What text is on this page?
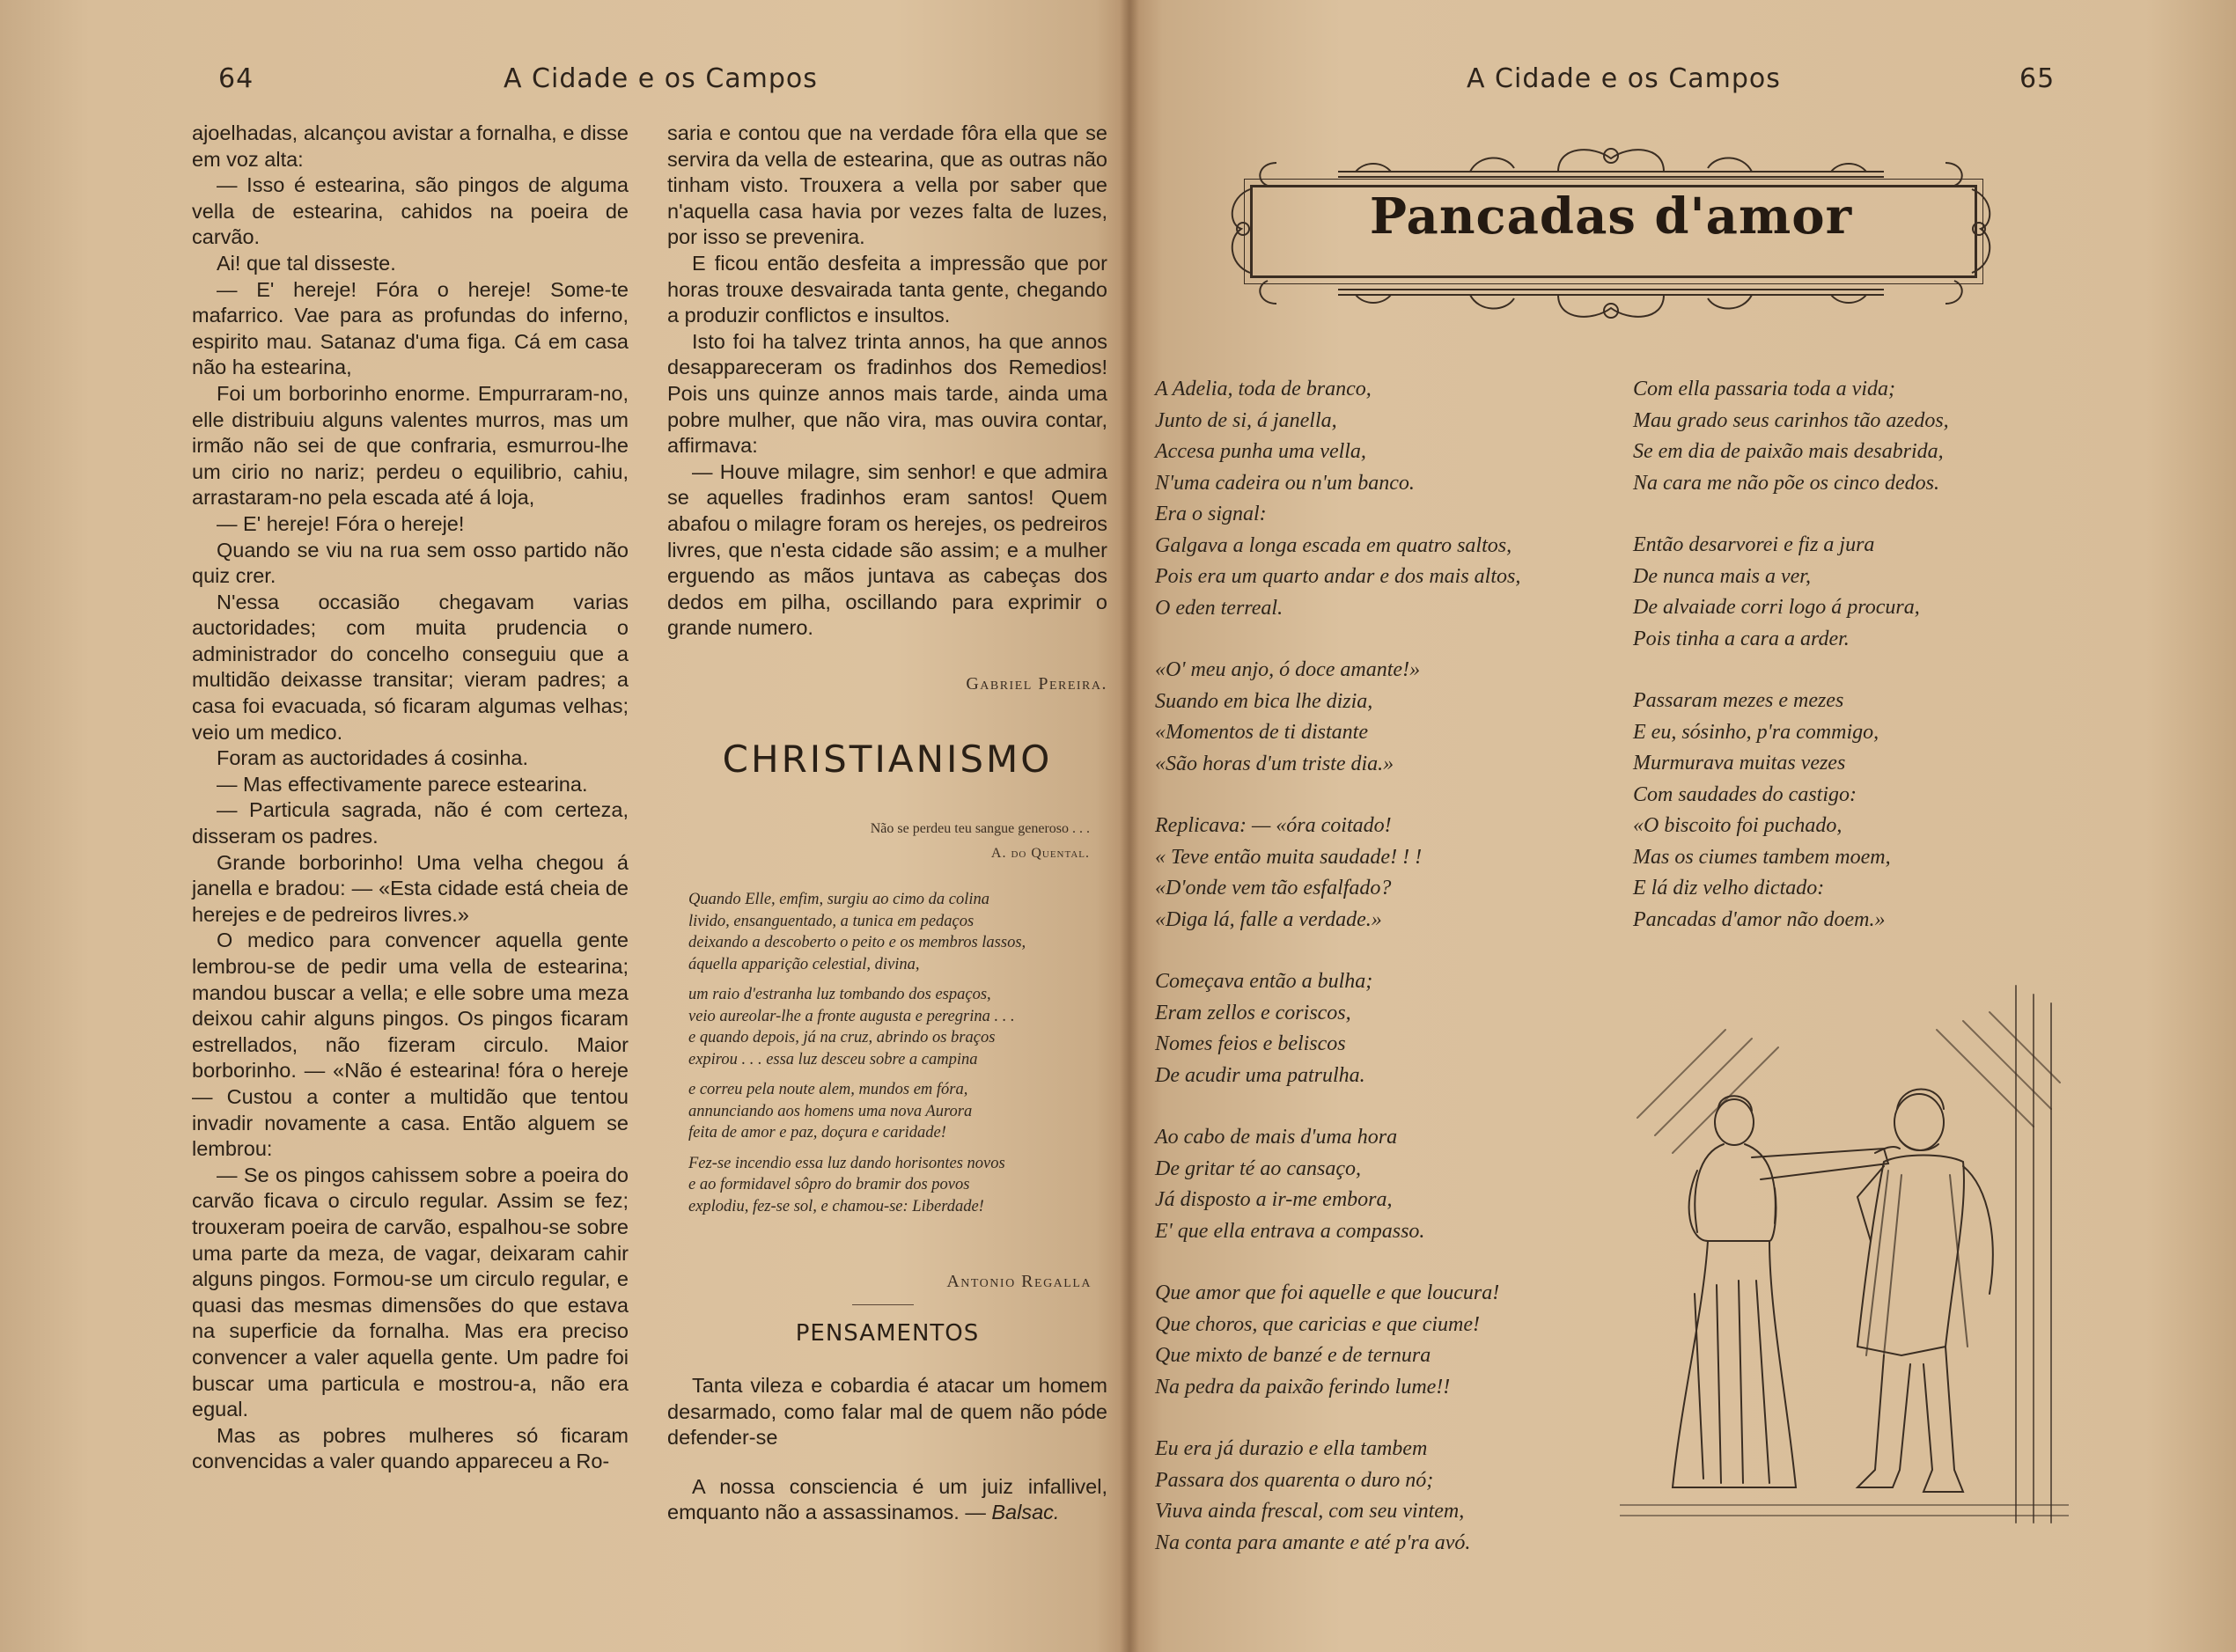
64	A Cidade e os Campos

ajoelhadas, alcançou avistar a fornalha, e disse em voz alta:

— Isso é estearina, são pingos de alguma vella de estearina, cahidos na poeira de carvão.

Ai! que tal disseste.

— E' hereje! Fóra o hereje! Some-te mafarrico. Vae para as profundas do inferno, espirito mau. Satanaz d'uma figa. Cá em casa não ha estearina,

Foi um borborinho enorme. Empurraram-no, elle distribuiu alguns valentes murros, mas um irmão não sei de que confraria, esmurrou-lhe um cirio no nariz; perdeu o equilibrio, cahiu, arrastaram-no pela escada até á loja,

— E' hereje! Fóra o hereje!

Quando se viu na rua sem osso partido não quiz crer.

N'essa occasião chegavam varias auctoridades; com muita prudencia o administrador do concelho conseguiu que a multidão deixasse transitar; vieram padres; a casa foi evacuada, só ficaram algumas velhas; veio um medico.

Foram as auctoridades á cosinha.

— Mas effectivamente parece estearina.

— Particula sagrada, não é com certeza, disseram os padres.

Grande borborinho! Uma velha chegou á janella e bradou: — «Esta cidade está cheia de herejes e de pedreiros livres.»

O medico para convencer aquella gente lembrou-se de pedir uma vella de estearina; mandou buscar a vella; e elle sobre uma meza deixou cahir alguns pingos. Os pingos ficaram estrellados, não fizeram circulo. Maior borborinho. — «Não é estearina! fóra o hereje — Custou a conter a multidão que tentou invadir novamente a casa. Então alguem se lembrou:

— Se os pingos cahissem sobre a poeira do carvão ficava o circulo regular. Assim se fez; trouxeram poeira de carvão, espalhou-se sobre uma parte da meza, de vagar, deixaram cahir alguns pingos. Formou-se um circulo regular, e quasi das mesmas dimensões do que estava na superficie da fornalha. Mas era preciso convencer a valer aquella gente. Um padre foi buscar uma particula e mostrou-a, não era egual.

Mas as pobres mulheres só ficaram convencidas a valer quando appareceu a Ro-

saria e contou que na verdade fôra ella que se servira da vella de estearina, que as outras não tinham visto. Trouxera a vella por saber que n'aquella casa havia por vezes falta de luzes, por isso se prevenira.

E ficou então desfeita a impressão que por horas trouxe desvairada tanta gente, chegando a produzir conflictos e insultos.

Isto foi ha talvez trinta annos, ha que annos desappareceram os fradinhos dos Remedios! Pois uns quinze annos mais tarde, ainda uma pobre mulher, que não vira, mas ouvira contar, affirmava:

— Houve milagre, sim senhor! e que admira se aquelles fradinhos eram santos! Quem abafou o milagre foram os herejes, os pedreiros livres, que n'esta cidade são assim; e a mulher erguendo as mãos juntava as cabeças dos dedos em pilha, oscillando para exprimir o grande numero.

Gabriel Pereira.

CHRISTIANISMO
Não se perdeu teu sangue generoso . . .
A. do Quental.
Quando Elle, emfim, surgiu ao cimo da colina
livido, ensanguentado, a tunica em pedaços
deixando a descoberto o peito e os membros lassos,
áquella apparição celestial, divina,
um raio d'estranha luz tombando dos espaços,
veio aureolar-lhe a fronte augusta e peregrina . . .
e quando depois, já na cruz, abrindo os braços
expirou . . . essa luz desceu sobre a campina
e correu pela noute alem, mundos em fóra,
annunciando aos homens uma nova Aurora
feita de amor e paz, doçura e caridade!
Fez-se incendio essa luz dando horisontes novos
e ao formidavel sôpro do bramir dos povos
explodiu, fez-se sol, e chamou-se: Liberdade!
Antonio Regalla
PENSAMENTOS

Tanta vileza e cobardia é atacar um homem desarmado, como falar mal de quem não póde defender-se

A nossa consciencia é um juiz infallivel, emquanto não a assassinamos. — Balsac.

A Cidade e os Campos	65
Pancadas d'amor
A Adelia, toda de branco,
Junto de si, á janella,
Accesa punha uma vella,
N'uma cadeira ou n'um banco.
Era o signal:
Galgava a longa escada em quatro saltos,
Pois era um quarto andar e dos mais altos,
O eden terreal.
«O' meu anjo, ó doce amante!»
Suando em bica lhe dizia,
«Momentos de ti distante
«São horas d'um triste dia.»
Replicava: — «óra coitado!
« Teve então muita saudade! ! !
«D'onde vem tão esfalfado?
«Diga lá, falle a verdade.»
Começava então a bulha;
Eram zellos e coriscos,
Nomes feios e beliscos
De acudir uma patrulha.
Ao cabo de mais d'uma hora
De gritar té ao cansaço,
Já disposto a ir-me embora,
E' que ella entrava a compasso.
Que amor que foi aquelle e que loucura!
Que choros, que caricias e que ciume!
Que mixto de banzé e de ternura
Na pedra da paixão ferindo lume!!
Eu era já durazio e ella tambem
Passara dos quarenta o duro nó;
Viuva ainda frescal, com seu vintem,
Na conta para amante e até p'ra avó.
Com ella passaria toda a vida;
Mau grado seus carinhos tão azedos,
Se em dia de paixão mais desabrida,
Na cara me não põe os cinco dedos.
Então desarvorei e fiz a jura
De nunca mais a ver,
De alvaiade corri logo á procura,
Pois tinha a cara a arder.
Passaram mezes e mezes
E eu, sósinho, p'ra commigo,
Murmurava muitas vezes
Com saudades do castigo:
«O biscoito foi puchado,
Mas os ciumes tambem moem,
E lá diz velho dictado:
Pancadas d'amor não doem.»
